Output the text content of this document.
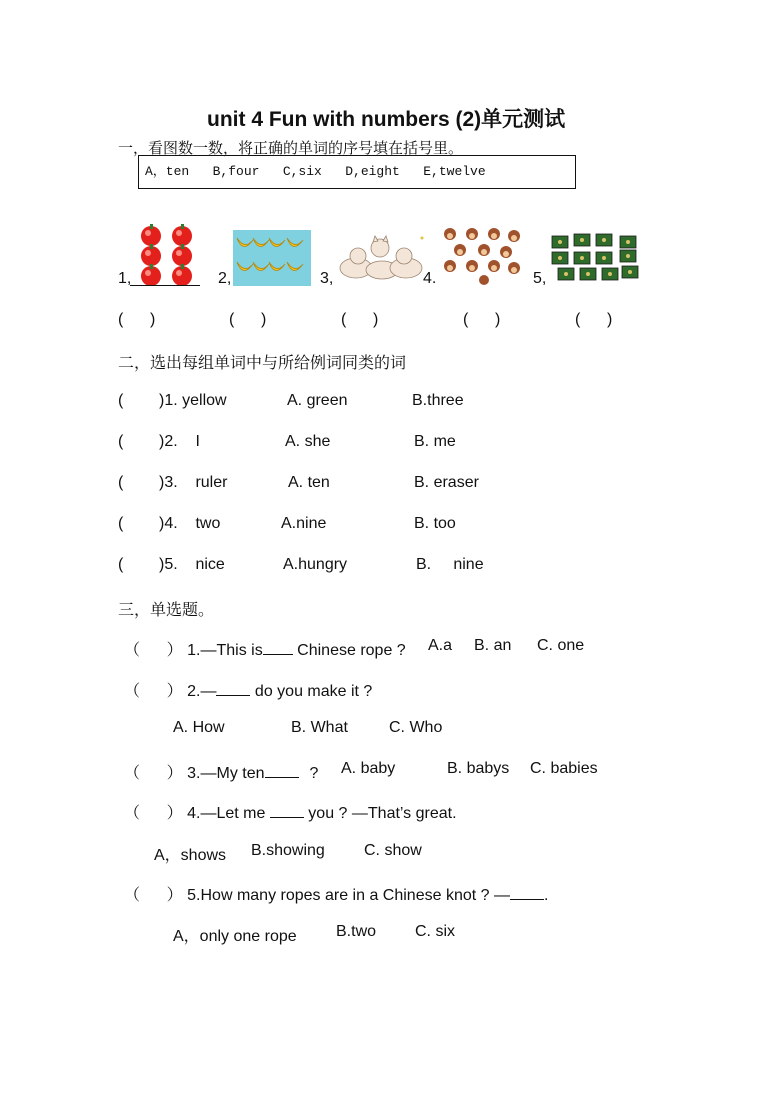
unit 4 Fun with numbers (2)单元测试
一，看图数一数，将正确的单词的序号填在括号里。
A，ten   B,four   C,six   D,eight   E,twelve
1,	2,	3,	4.	5,
(      )	(      )	(      )	(      )	(      )
二，选出每组单词中与所给例词同类的词
( )1. yellow	A. green	B.three
( )2.    I	A. she	B. me
( )3.    ruler	A. ten	B. eraser
( )4.    two	A.nine	B. too
( )5.    nice	A.hungry	B.     nine
三，单选题。
（      ） 1.—This is Chinese rope ? A.a B. an C. one
（      ） 2.— do you make it ?
A. How	B. What	C. Who
（      ） 3.—My ten	? A. baby	B. babys C. babies
（      ） 4.—Let me  you ? —That’s great.
A，shows B.showing C. show
（      ） 5.How many ropes are in a Chinese knot ? — .
A，only one rope B.two C. six
